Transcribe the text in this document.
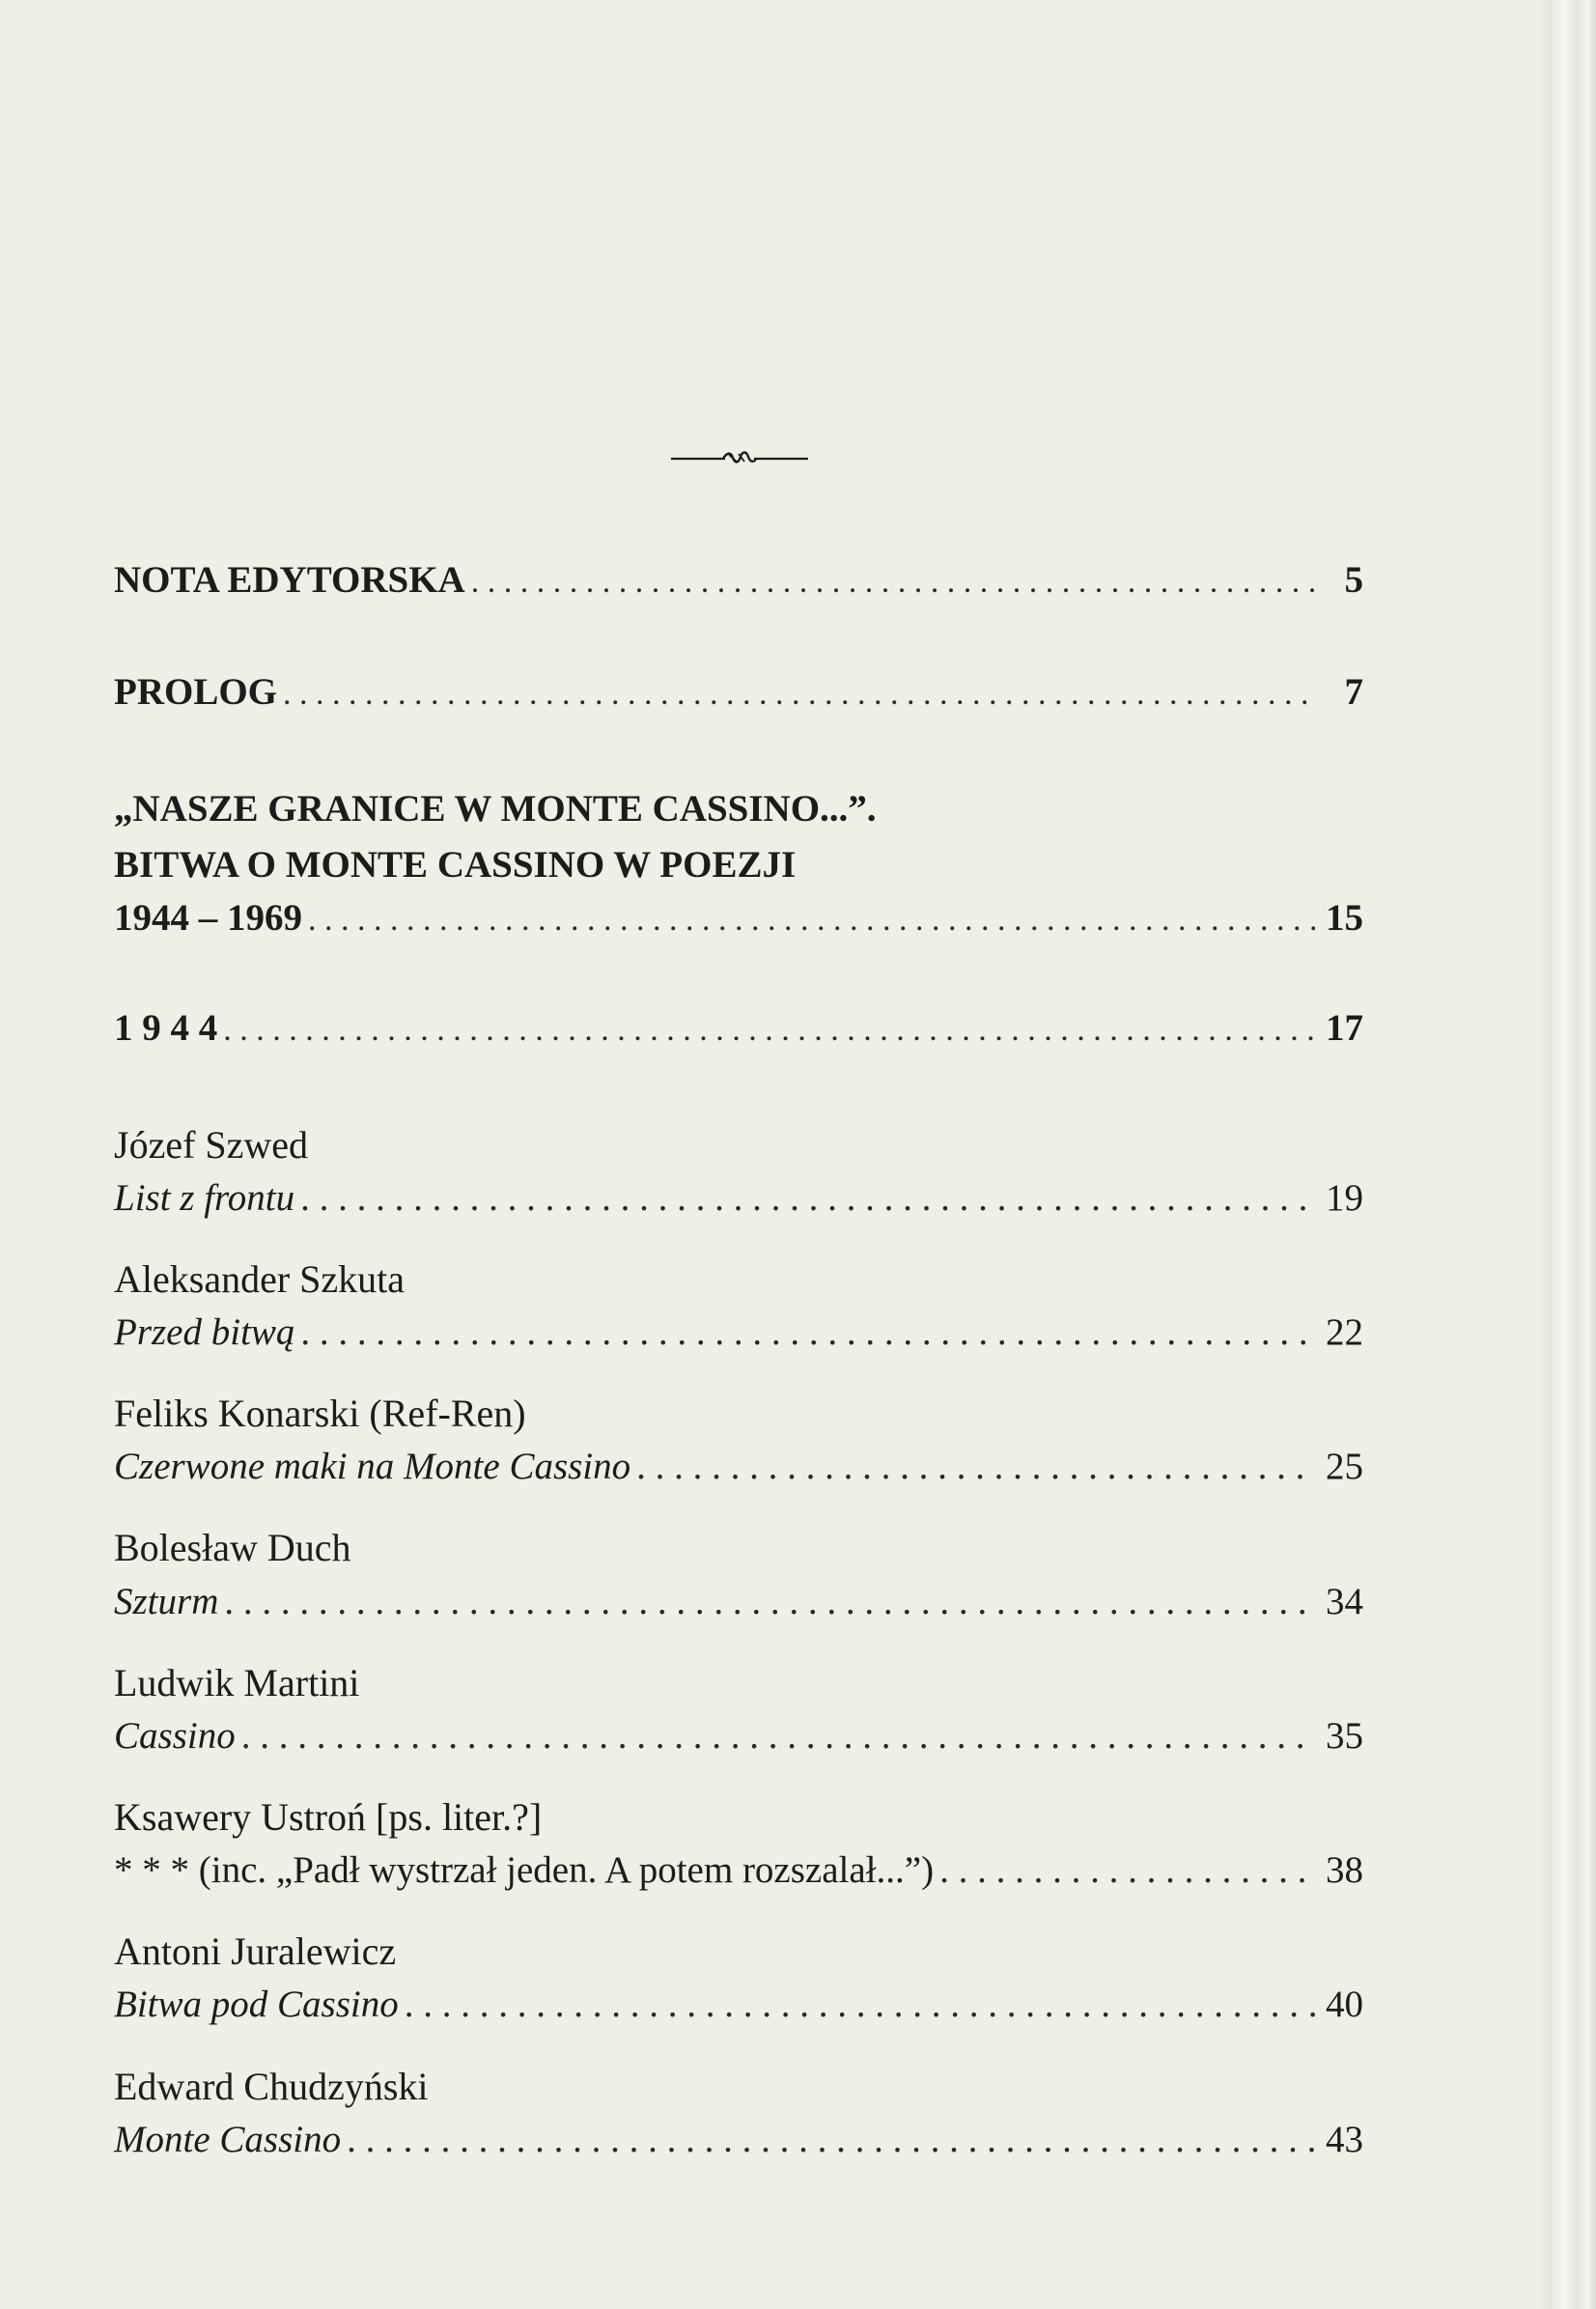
NOTA EDYTORSKA . . .	5
PROLOG . . .	7
„NASZE GRANICE W MONTE CASSINO...”.
BITWA O MONTE CASSINO W POEZJI
1944 – 1969 . . .	15
1 9 4 4 . . .	17
Józef Szwed
List z frontu . . .	19
Aleksander Szkuta
Przed bitwą . . .	22
Feliks Konarski (Ref-Ren)
Czerwone maki na Monte Cassino . . .	25
Bolesław Duch
Szturm . . .	34
Ludwik Martini
Cassino . . .	35
Ksawery Ustroń [ps. liter.?]
* * * (inc. „Padł wystrzał jeden. A potem rozszalał...”) . . .	38
Antoni Juralewicz
Bitwa pod Cassino . . .	40
Edward Chudzyński
Monte Cassino . . .	43
